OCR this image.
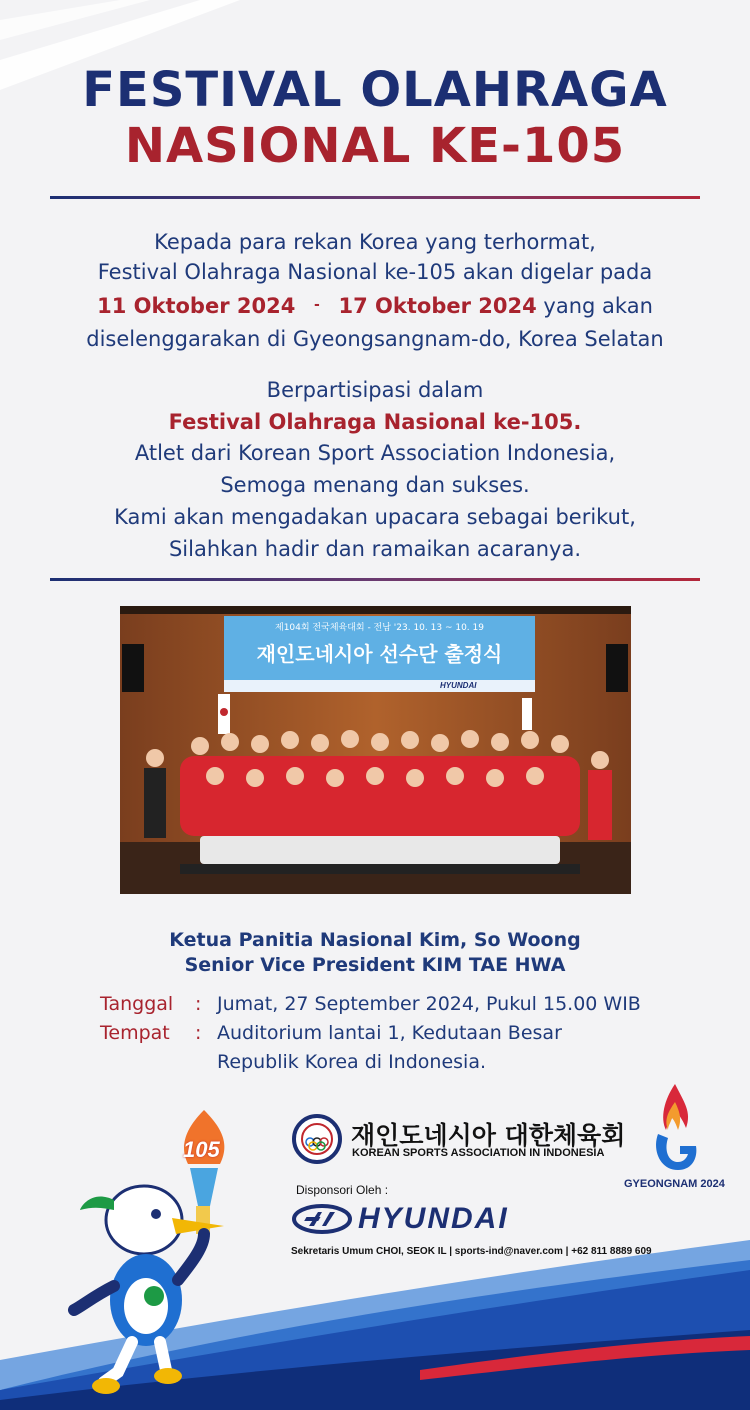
FESTIVAL OLAHRAGA
NASIONAL KE-105
Kepada para rekan Korea yang terhormat,
Festival Olahraga Nasional ke-105 akan digelar pada
11 Oktober 2024 - 17 Oktober 2024 yang akan
diselenggarakan di Gyeongsangnam-do, Korea Selatan
Berpartisipasi dalam
Festival Olahraga Nasional ke-105.
Atlet dari Korean Sport Association Indonesia,
Semoga menang dan sukses.
Kami akan mengadakan upacara sebagai berikut,
Silahkan hadir dan ramaikan acaranya.
제104회 전국체육대회 - 전남 '23. 10. 13 ~ 10. 19
재인도네시아 선수단 출정식
HYUNDAI
Ketua Panitia Nasional Kim, So Woong
Senior Vice President KIM TAE HWA
Tanggal : Jumat, 27 September 2024, Pukul 15.00 WIB
Tempat : Auditorium lantai 1, Kedutaan Besar
Republik Korea di Indonesia.
재인도네시아 대한체육회
KOREAN SPORTS ASSOCIATION IN INDONESIA
Disponsori Oleh :
HYUNDAI
Sekretaris Umum CHOI, SEOK IL | sports-ind@naver.com | +62 811 8889 609
GYEONGNAM 2024
105
